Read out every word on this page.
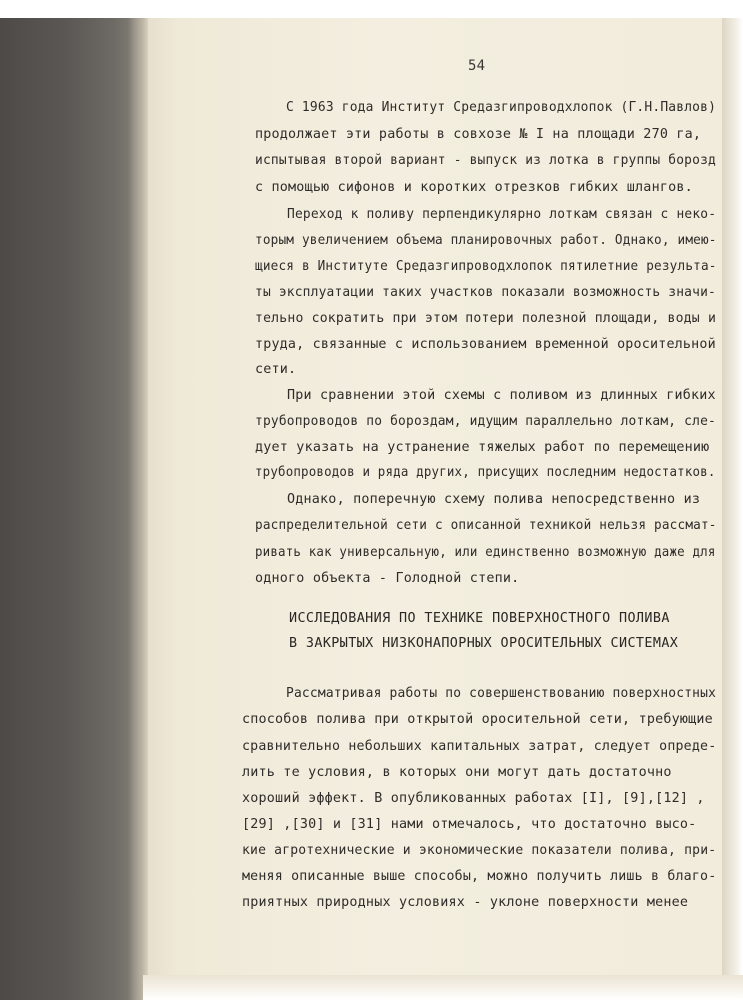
54
С 1963 года Институт Средазгипроводхлопок (Г.Н.Павлов)
продолжает эти работы в совхозе № I на площади 270 га,
испытывая второй вариант - выпуск из лотка в группы борозд
с помощью сифонов и коротких отрезков гибких шлангов.
Переход к поливу перпендикулярно лоткам связан с неко-
торым увеличением объема планировочных работ. Однако, имею-
щиеся в Институте Средазгипроводхлопок пятилетние результа-
ты эксплуатации таких участков показали возможность значи-
тельно сократить при этом потери полезной площади, воды и
труда, связанные с использованием временной оросительной
сети.
При сравнении этой схемы с поливом из длинных гибких
трубопроводов по бороздам, идущим параллельно лоткам, сле-
дует указать на устранение тяжелых работ по перемещению
трубопроводов и ряда других, присущих последним недостатков.
Однако, поперечную схему полива непосредственно из
распределительной сети с описанной техникой нельзя рассмат-
ривать как универсальную, или единственно возможную даже для
одного объекта - Голодной степи.
ИССЛЕДОВАНИЯ ПО ТЕХНИКЕ ПОВЕРХНОСТНОГО ПОЛИВА
В ЗАКРЫТЫХ НИЗКОНАПОРНЫХ ОРОСИТЕЛЬНЫХ СИСТЕМАХ
Рассматривая работы по совершенствованию поверхностных
способов полива при открытой оросительной сети, требующие
сравнительно небольших капитальных затрат, следует опреде-
лить те условия, в которых они могут дать достаточно
хороший эффект. В опубликованных работах [I], [9],[12] ,
[29] ,[30] и [31] нами отмечалось, что достаточно высо-
кие агротехнические и экономические показатели полива, при-
меняя описанные выше способы, можно получить лишь в благо-
приятных природных условиях - уклоне поверхности менее
